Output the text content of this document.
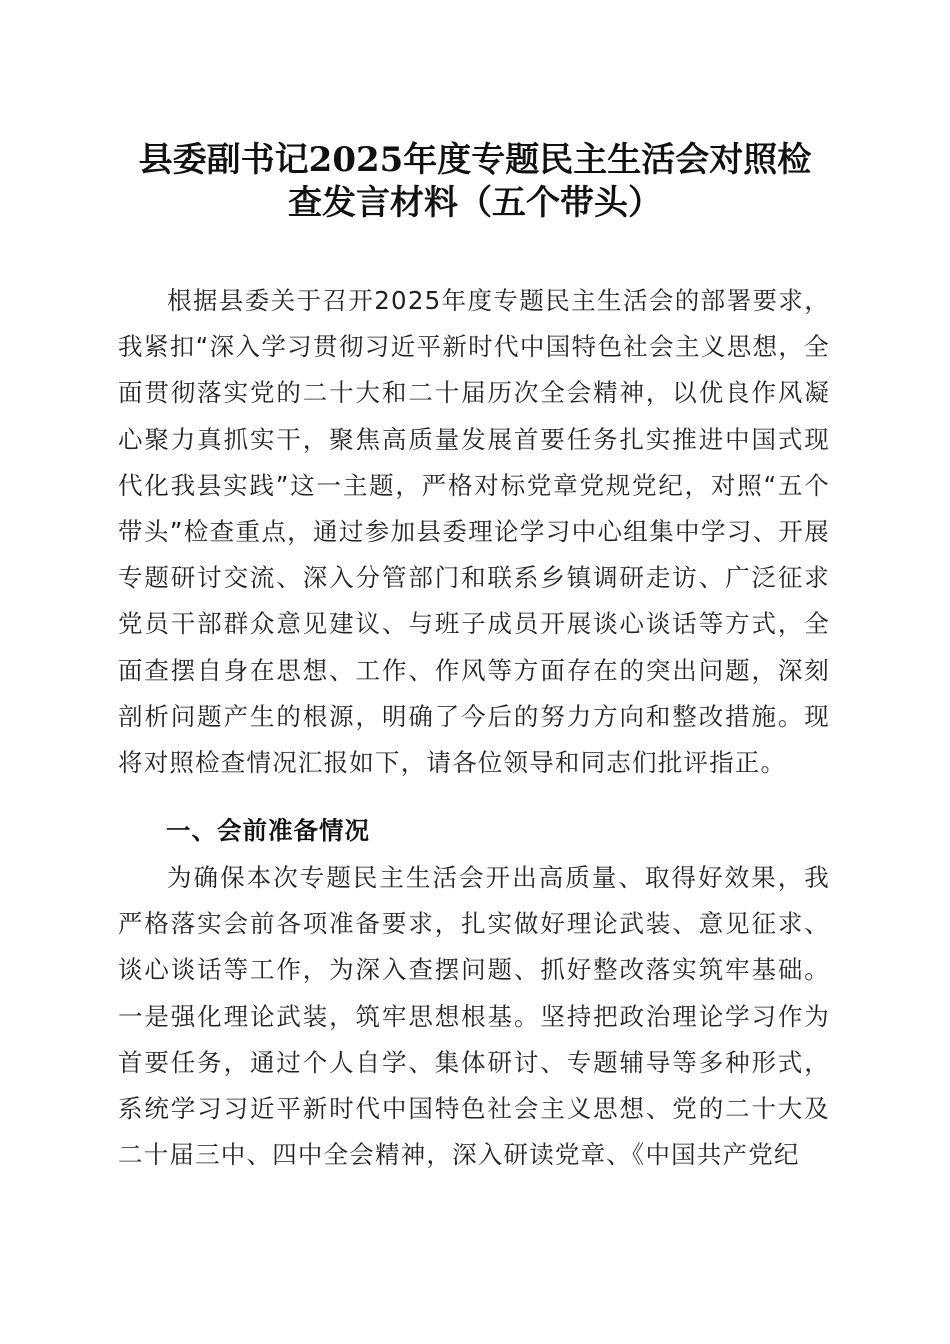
县委副书记2025年度专题民主生活会对照检
查发言材料（五个带头）

根据县委关于召开2025年度专题民主生活会的部署要求，我紧扣“深入学习贯彻习近平新时代中国特色社会主义思想，全面贯彻落实党的二十大和二十届历次全会精神，以优良作风凝心聚力真抓实干，聚焦高质量发展首要任务扎实推进中国式现代化我县实践”这一主题，严格对标党章党规党纪，对照“五个带头”检查重点，通过参加县委理论学习中心组集中学习、开展专题研讨交流、深入分管部门和联系乡镇调研走访、广泛征求党员干部群众意见建议、与班子成员开展谈心谈话等方式，全面查摆自身在思想、工作、作风等方面存在的突出问题，深刻剖析问题产生的根源，明确了今后的努力方向和整改措施。现将对照检查情况汇报如下，请各位领导和同志们批评指正。

一、会前准备情况

为确保本次专题民主生活会开出高质量、取得好效果，我严格落实会前各项准备要求，扎实做好理论武装、意见征求、谈心谈话等工作，为深入查摆问题、抓好整改落实筑牢基础。一是强化理论武装，筑牢思想根基。坚持把政治理论学习作为首要任务，通过个人自学、集体研讨、专题辅导等多种形式，系统学习习近平新时代中国特色社会主义思想、党的二十大及二十届三中、四中全会精神，深入研读党章、《中国共产党纪
